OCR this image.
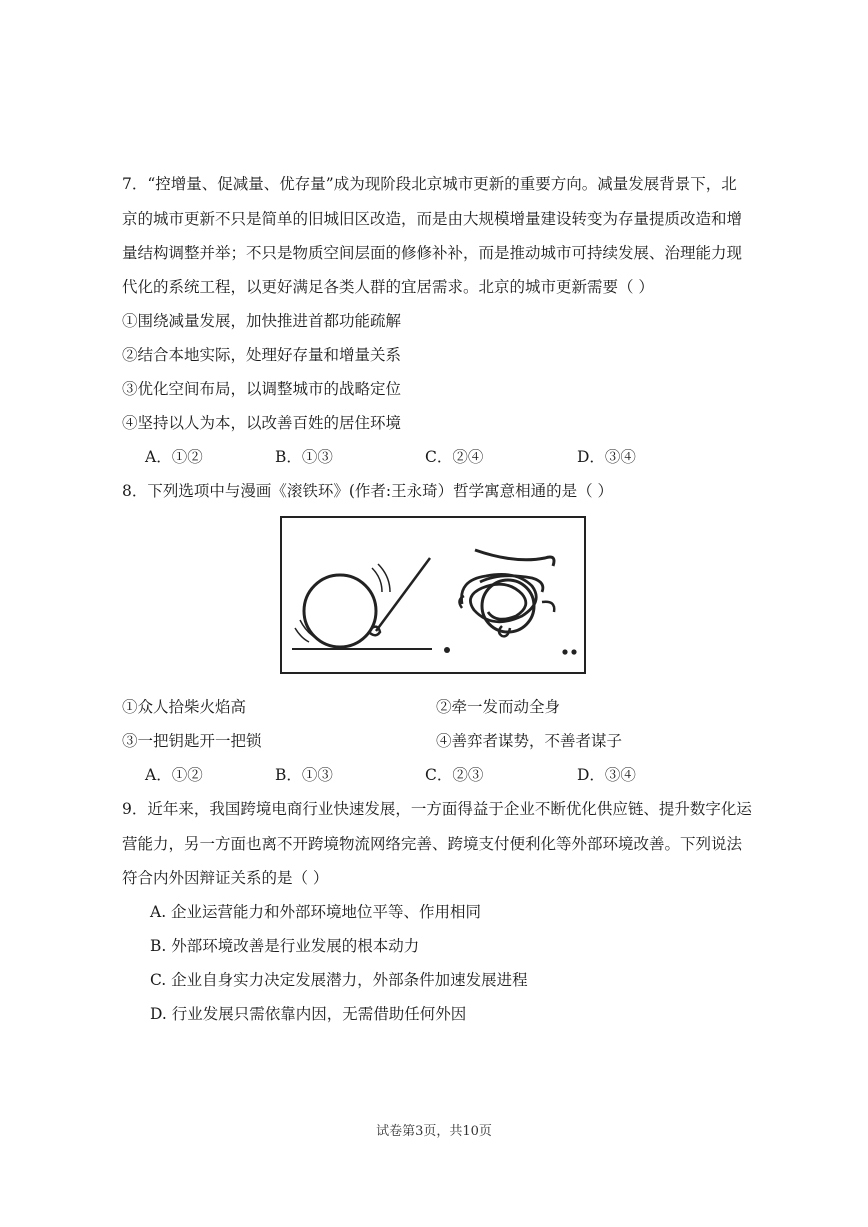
7．“控增量、促减量、优存量”成为现阶段北京城市更新的重要方向。减量发展背景下，北
京的城市更新不只是简单的旧城旧区改造，而是由大规模增量建设转变为存量提质改造和增
量结构调整并举；不只是物质空间层面的修修补补，而是推动城市可持续发展、治理能力现
代化的系统工程，以更好满足各类人群的宜居需求。北京的城市更新需要（ ）
①围绕减量发展，加快推进首都功能疏解
②结合本地实际，处理好存量和增量关系
③优化空间布局，以调整城市的战略定位
④坚持以人为本，以改善百姓的居住环境
A．①②	B．①③	C．②④	D．③④
8．下列选项中与漫画《滚铁环》(作者:王永琦）哲学寓意相通的是（ ）
①众人拾柴火焰高	②牵一发而动全身
③一把钥匙开一把锁	④善弈者谋势，不善者谋子
A．①②	B．①③	C．②③	D．③④
9．近年来，我国跨境电商行业快速发展，一方面得益于企业不断优化供应链、提升数字化运
营能力，另一方面也离不开跨境物流网络完善、跨境支付便利化等外部环境改善。下列说法
符合内外因辩证关系的是（ ）
A. 企业运营能力和外部环境地位平等、作用相同
B. 外部环境改善是行业发展的根本动力
C. 企业自身实力决定发展潜力，外部条件加速发展进程
D. 行业发展只需依靠内因，无需借助任何外因
试卷第3页，共10页
